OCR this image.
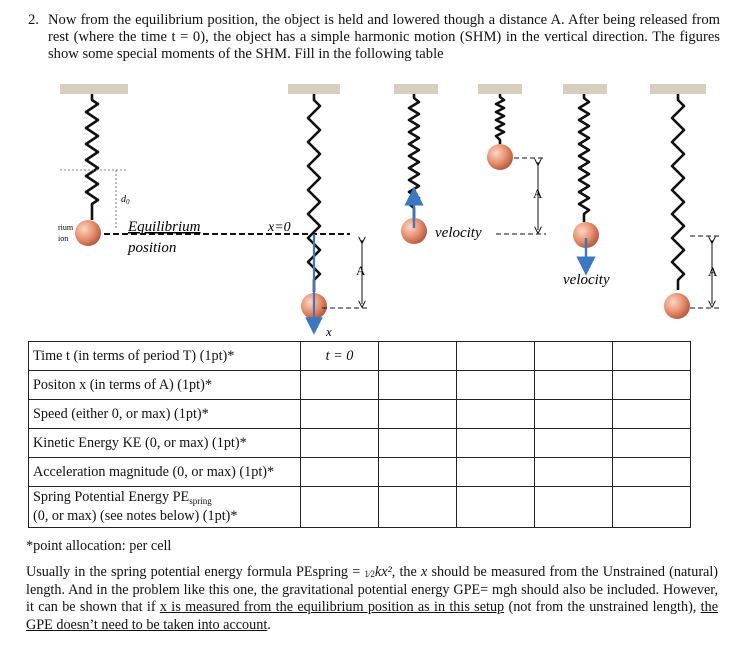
2. Now from the equilibrium position, the object is held and lowered though a distance A. After being released from rest (where the time t = 0), the object has a simple harmonic motion (SHM) in the vertical direction. The figures show some special moments of the SHM. Fill in the following table
$d_0$
rium
ion
Equilibrium	x=0
position
x
A
velocity
A
velocity
A
Time t (in terms of period T) (1pt)*	t = 0				
Positon x (in terms of A) (1pt)*					
Speed (either 0, or max) (1pt)*					
Kinetic Energy KE (0, or max) (1pt)*					
Acceleration magnitude (0, or max) (1pt)*					
Spring Potential Energy $PE_{spring}$
(0, or max) (see notes below) (1pt)*					
*point allocation: per cell
Usually in the spring potential energy formula PEspring = 1⁄2kx², the x should be measured from the Unstrained (natural) length. And in the problem like this one, the gravitational potential energy GPE= mgh should also be included. However, it can be shown that if x is measured from the equilibrium position as in this setup (not from the unstrained length), the GPE doesn’t need to be taken into account.
